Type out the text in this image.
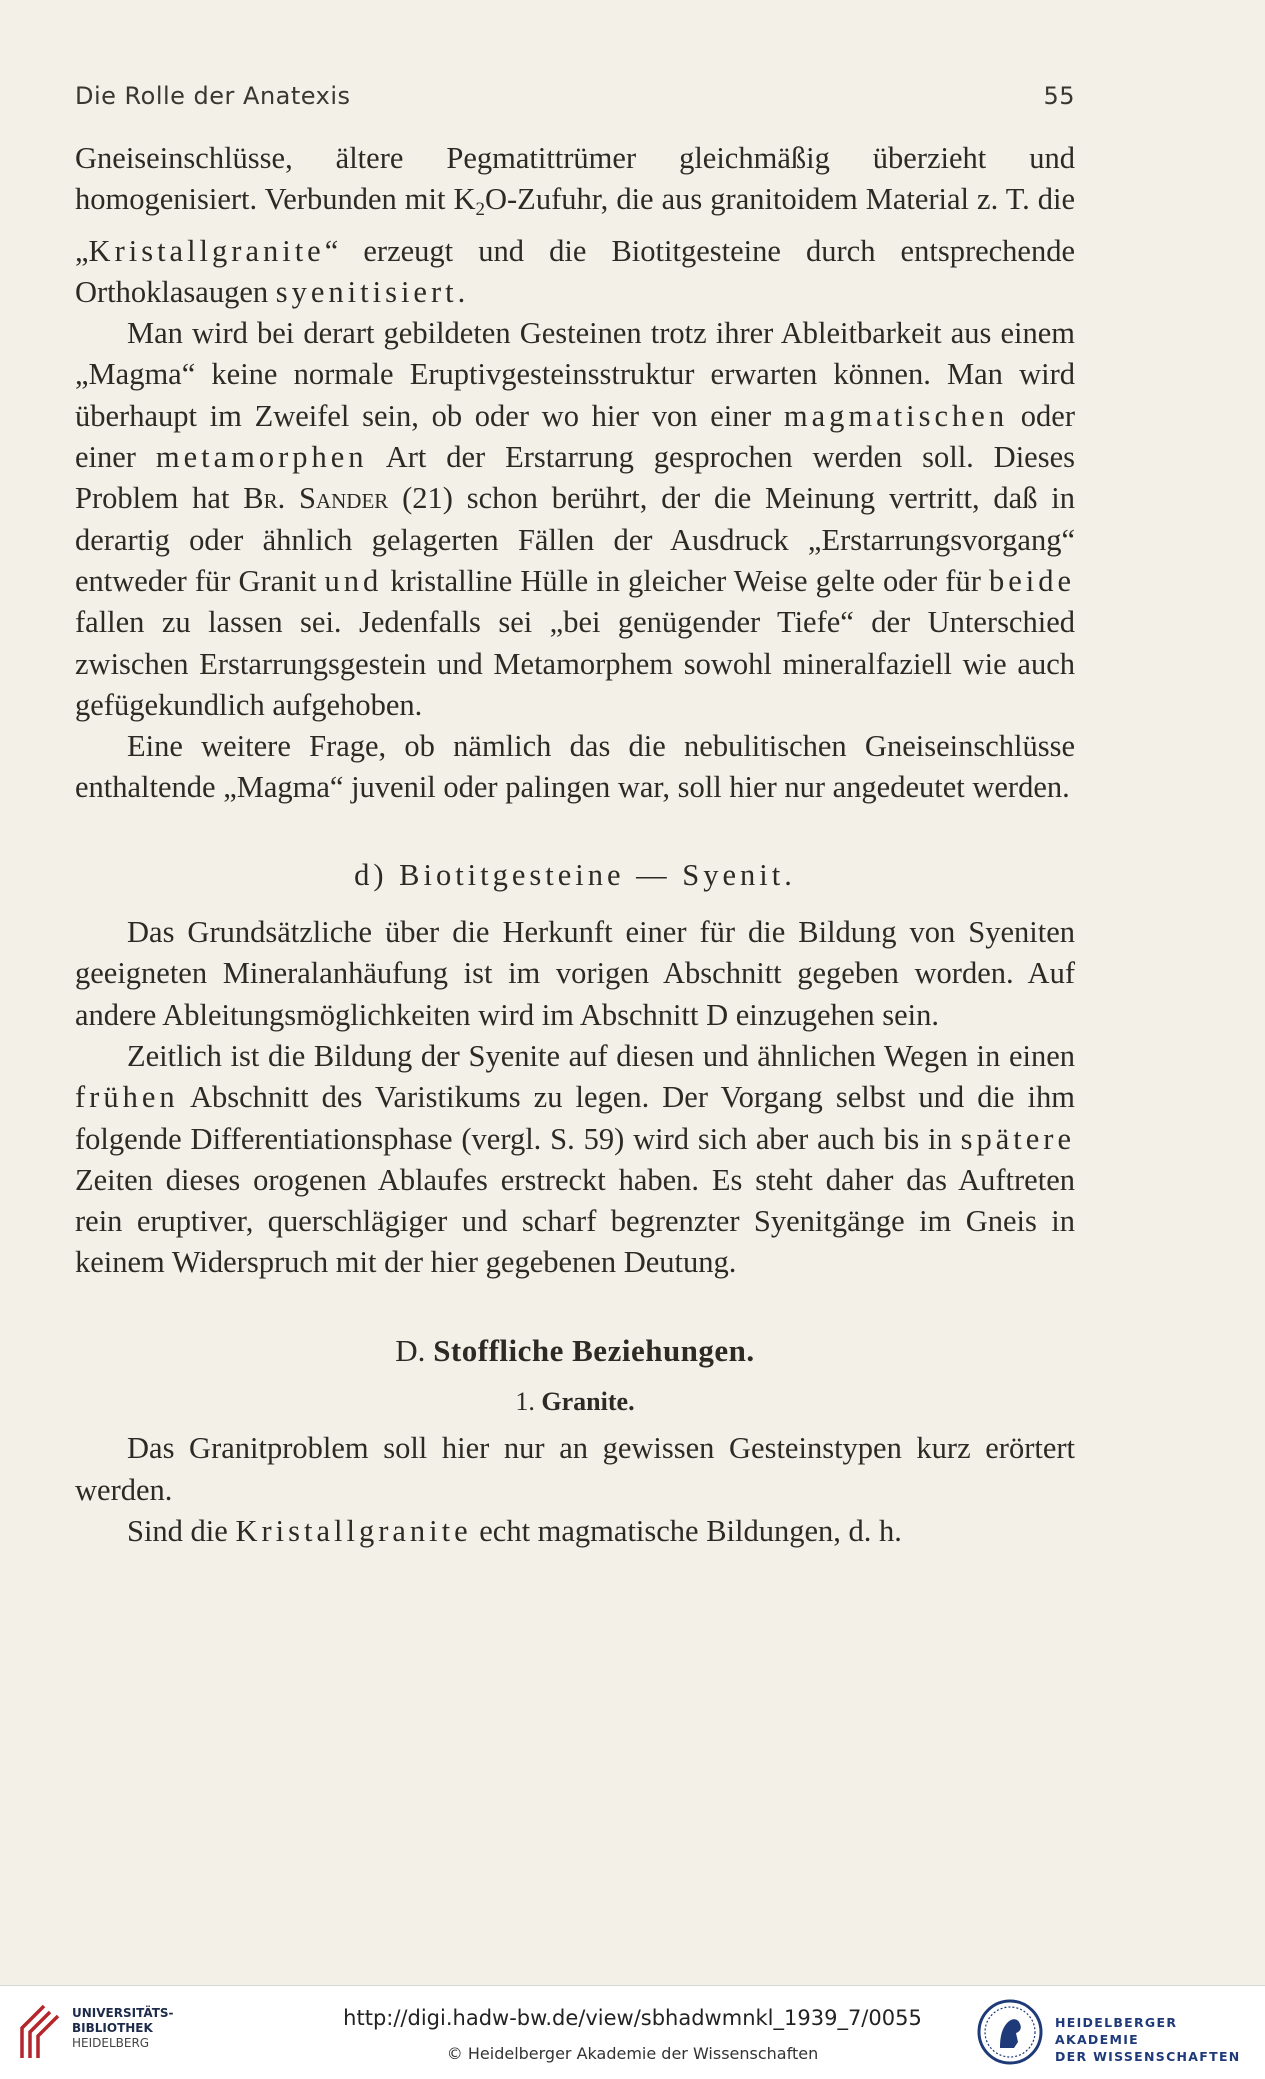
Die Rolle der Anatexis	55

Gneiseinschlüsse, ältere Pegmatittrümer gleichmäßig überzieht und homogenisiert. Verbunden mit $K_2O$-Zufuhr, die aus granitoidem Material z. T. die „Kristallgranite“ erzeugt und die Biotitgesteine durch entsprechende Orthoklasaugen syenitisiert.

Man wird bei derart gebildeten Gesteinen trotz ihrer Ableitbarkeit aus einem „Magma“ keine normale Eruptivgesteinsstruktur erwarten können. Man wird überhaupt im Zweifel sein, ob oder wo hier von einer magmatischen oder einer metamorphen Art der Erstarrung gesprochen werden soll. Dieses Problem hat Br. Sander (21) schon berührt, der die Meinung vertritt, daß in derartig oder ähnlich gelagerten Fällen der Ausdruck „Erstarrungsvorgang“ entweder für Granit und kristalline Hülle in gleicher Weise gelte oder für beide fallen zu lassen sei. Jedenfalls sei „bei genügender Tiefe“ der Unterschied zwischen Erstarrungsgestein und Metamorphem sowohl mineralfaziell wie auch gefügekundlich aufgehoben.

Eine weitere Frage, ob nämlich das die nebulitischen Gneiseinschlüsse enthaltende „Magma“ juvenil oder palingen war, soll hier nur angedeutet werden.

d) Biotitgesteine — Syenit.

Das Grundsätzliche über die Herkunft einer für die Bildung von Syeniten geeigneten Mineralanhäufung ist im vorigen Abschnitt gegeben worden. Auf andere Ableitungsmöglichkeiten wird im Abschnitt D einzugehen sein.

Zeitlich ist die Bildung der Syenite auf diesen und ähnlichen Wegen in einen frühen Abschnitt des Varistikums zu legen. Der Vorgang selbst und die ihm folgende Differentiationsphase (vergl. S. 59) wird sich aber auch bis in spätere Zeiten dieses orogenen Ablaufes erstreckt haben. Es steht daher das Auftreten rein eruptiver, querschlägiger und scharf begrenzter Syenitgänge im Gneis in keinem Widerspruch mit der hier gegebenen Deutung.

D. Stoffliche Beziehungen.

1. Granite.

Das Granitproblem soll hier nur an gewissen Gesteinstypen kurz erörtert werden.

Sind die Kristallgranite echt magmatische Bildungen, d. h.

UNIVERSITÄTS-
BIBLIOTHEK
HEIDELBERG
http://digi.hadw-bw.de/view/sbhadwmnkl_1939_7/0055
© Heidelberger Akademie der Wissenschaften
HEIDELBERGER AKADEMIE
DER WISSENSCHAFTEN
